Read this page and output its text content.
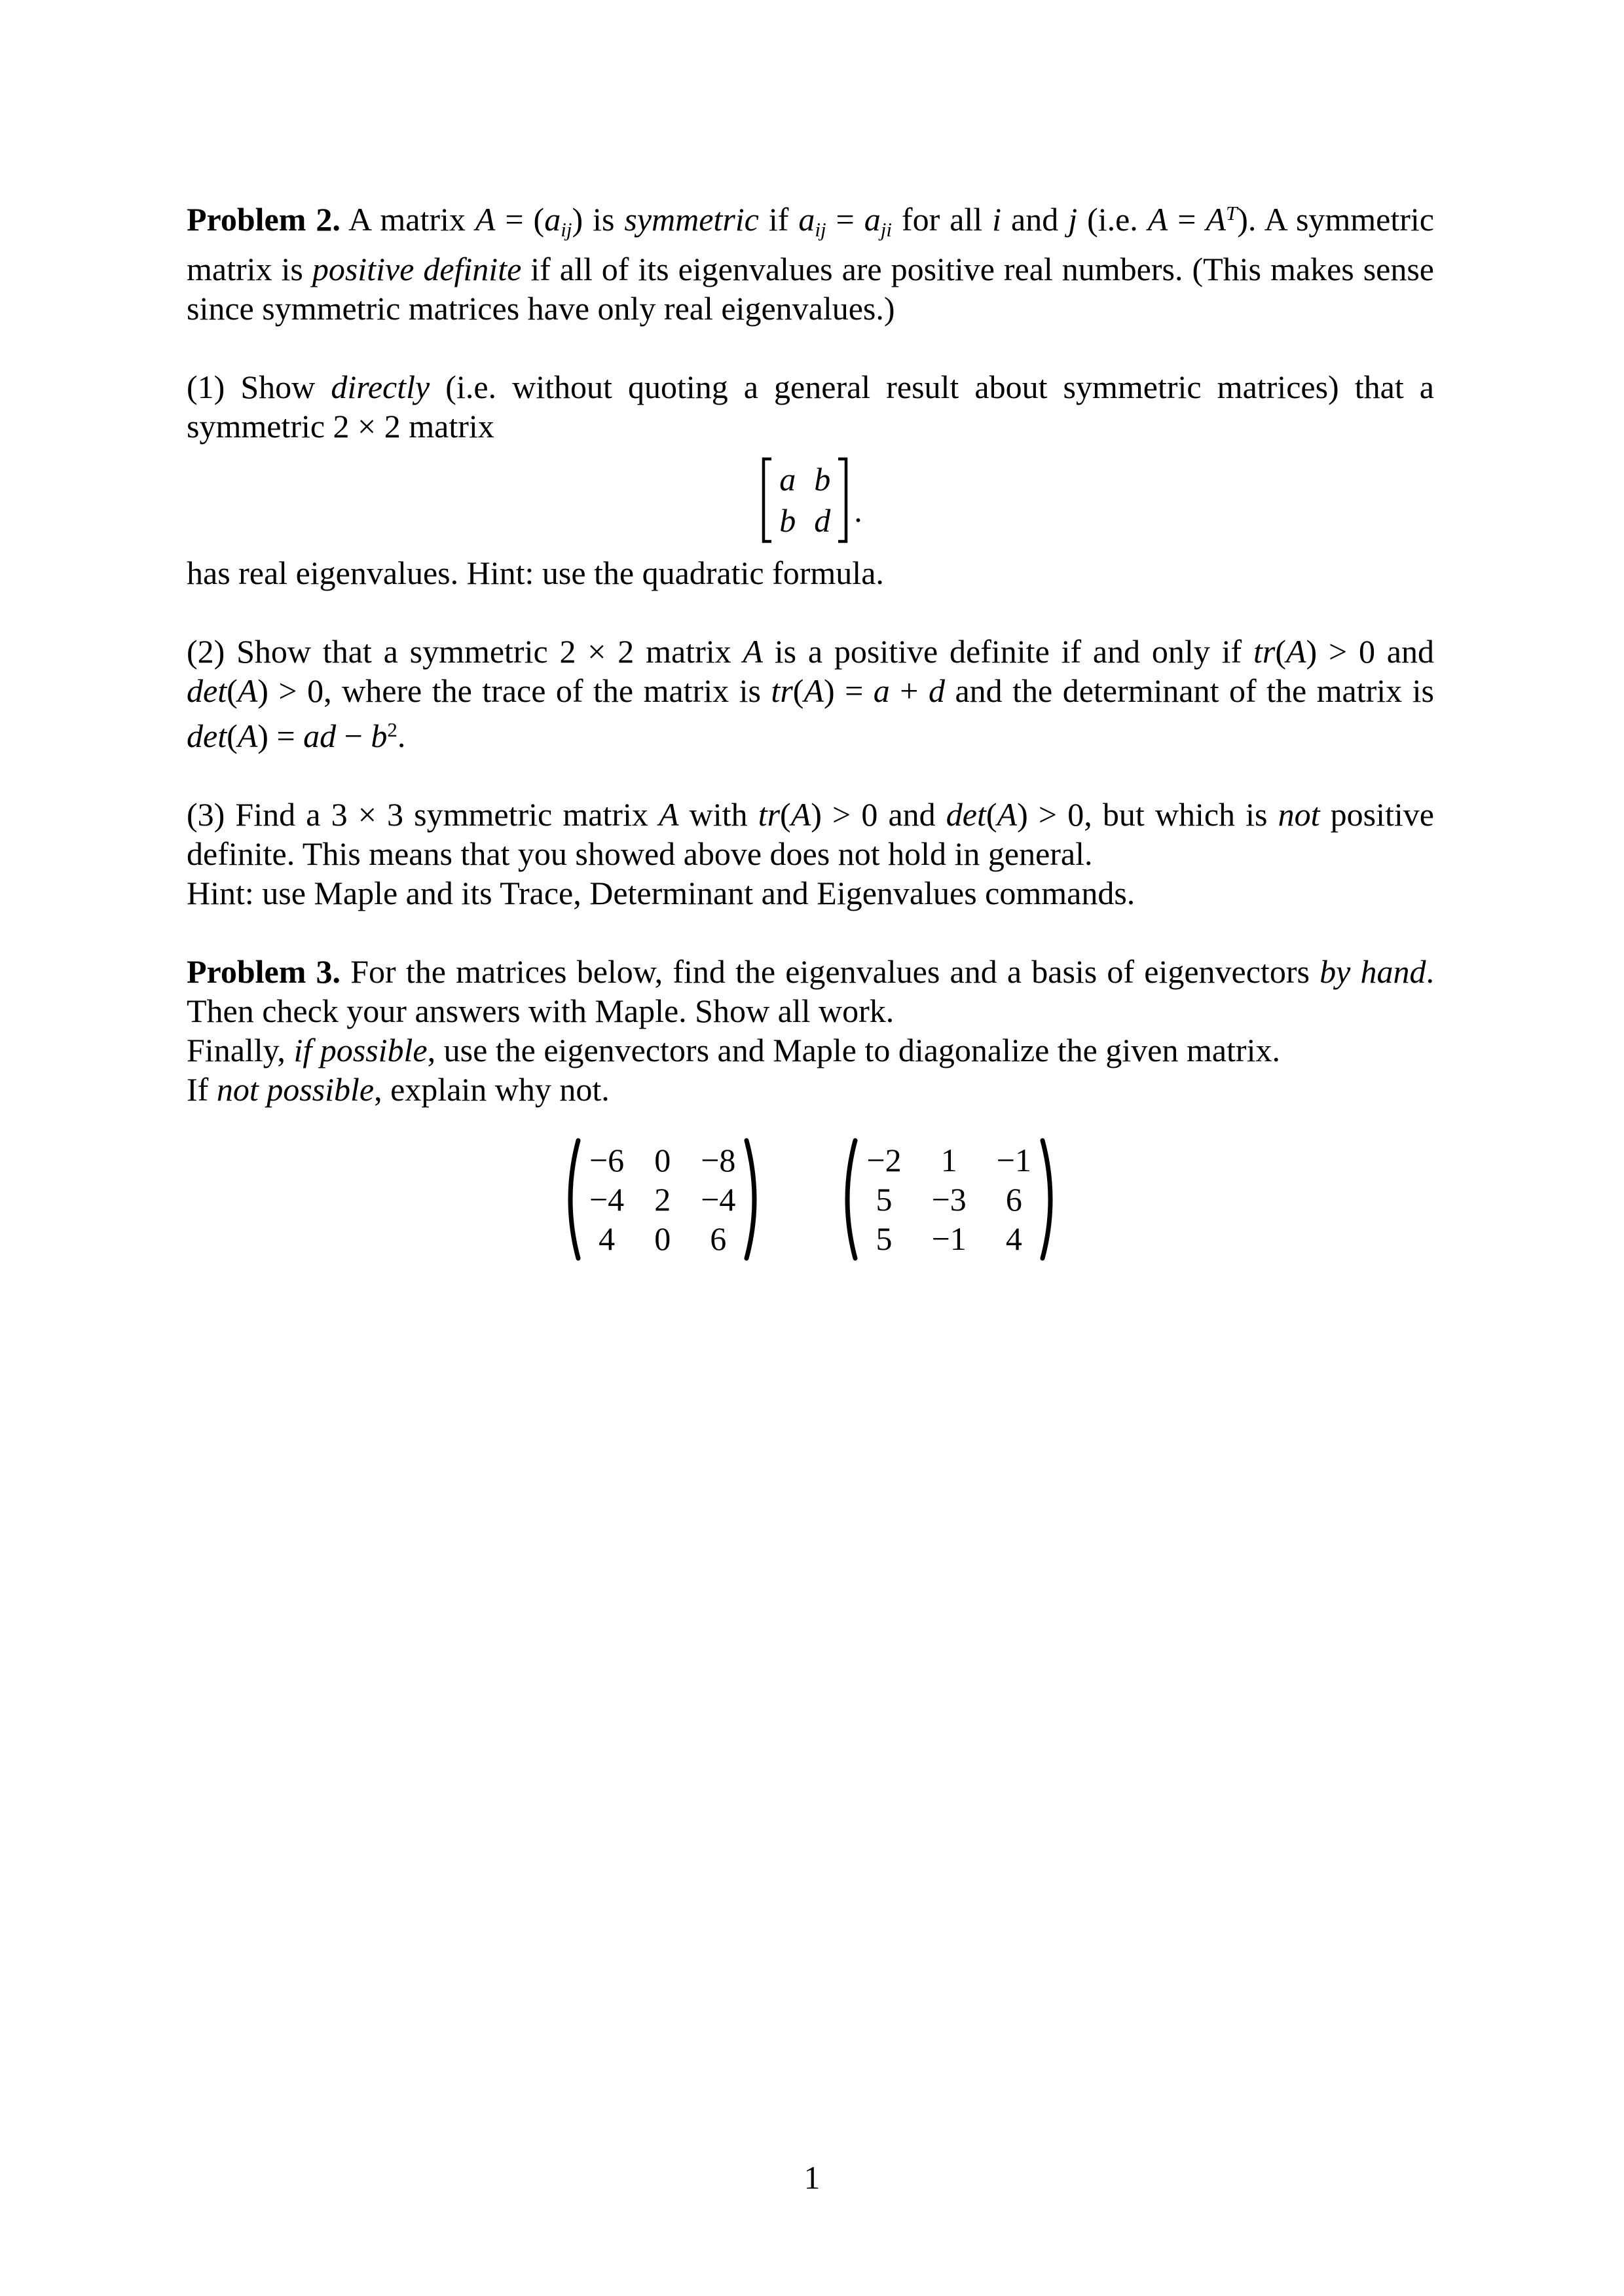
Problem 2. A matrix $A = (a_{ij})$ is symmetric if $a_{ij} = a_{ji}$ for all i and j (i.e. $A = A^T$). A symmetric matrix is positive definite if all of its eigenvalues are positive real numbers. (This makes sense since symmetric matrices have only real eigenvalues.)

(1) Show directly (i.e. without quoting a general result about symmetric matrices) that a symmetric 2 × 2 matrix

a b
b d .

has real eigenvalues. Hint: use the quadratic formula.

(2) Show that a symmetric 2 × 2 matrix A is a positive definite if and only if tr(A) > 0 and det(A) > 0, where the trace of the matrix is tr(A) = a + d and the determinant of the matrix is det(A) = ad − $b^2$.

(3) Find a 3 × 3 symmetric matrix A with tr(A) > 0 and det(A) > 0, but which is not positive definite. This means that you showed above does not hold in general.
Hint: use Maple and its Trace, Determinant and Eigenvalues commands.

Problem 3. For the matrices below, find the eigenvalues and a basis of eigenvectors by hand. Then check your answers with Maple. Show all work.
Finally, if possible, use the eigenvectors and Maple to diagonalize the given matrix.
If not possible, explain why not.

−6 0 −8
−4 2 −4
4 0 6
−2 1 −1
5 −3 6
5 −1 4
1
